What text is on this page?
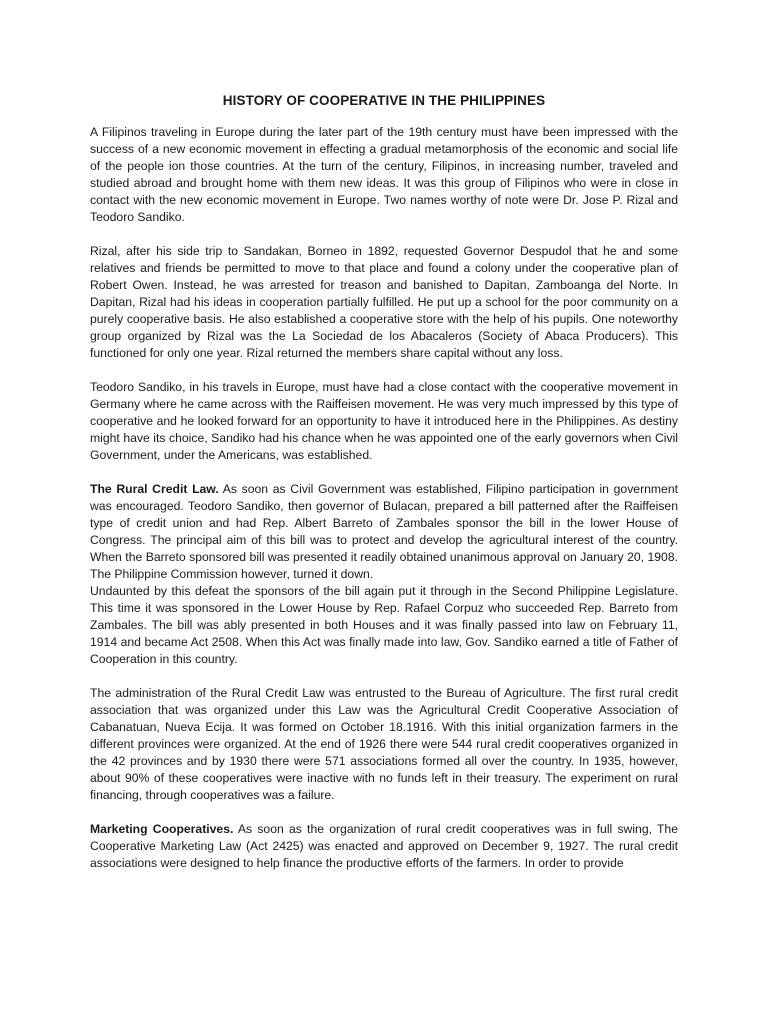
HISTORY OF COOPERATIVE IN THE PHILIPPINES

A Filipinos traveling in Europe during the later part of the 19th century must have been impressed with the success of a new economic movement in effecting a gradual metamorphosis of the economic and social life of the people ion those countries. At the turn of the century, Filipinos, in increasing number, traveled and studied abroad and brought home with them new ideas. It was this group of Filipinos who were in close in contact with the new economic movement in Europe. Two names worthy of note were Dr. Jose P. Rizal and Teodoro Sandiko.

Rizal, after his side trip to Sandakan, Borneo in 1892, requested Governor Despudol that he and some relatives and friends be permitted to move to that place and found a colony under the cooperative plan of Robert Owen. Instead, he was arrested for treason and banished to Dapitan, Zamboanga del Norte. In Dapitan, Rizal had his ideas in cooperation partially fulfilled. He put up a school for the poor community on a purely cooperative basis. He also established a cooperative store with the help of his pupils. One noteworthy group organized by Rizal was the La Sociedad de los Abacaleros (Society of Abaca Producers). This functioned for only one year. Rizal returned the members share capital without any loss.

Teodoro Sandiko, in his travels in Europe, must have had a close contact with the cooperative movement in Germany where he came across with the Raiffeisen movement. He was very much impressed by this type of cooperative and he looked forward for an opportunity to have it introduced here in the Philippines. As destiny might have its choice, Sandiko had his chance when he was appointed one of the early governors when Civil Government, under the Americans, was established.

The Rural Credit Law. As soon as Civil Government was established, Filipino participation in government was encouraged. Teodoro Sandiko, then governor of Bulacan, prepared a bill patterned after the Raiffeisen type of credit union and had Rep. Albert Barreto of Zambales sponsor the bill in the lower House of Congress. The principal aim of this bill was to protect and develop the agricultural interest of the country. When the Barreto sponsored bill was presented it readily obtained unanimous approval on January 20, 1908. The Philippine Commission however, turned it down.

Undaunted by this defeat the sponsors of the bill again put it through in the Second Philippine Legislature. This time it was sponsored in the Lower House by Rep. Rafael Corpuz who succeeded Rep. Barreto from Zambales. The bill was ably presented in both Houses and it was finally passed into law on February 11, 1914 and became Act 2508. When this Act was finally made into law, Gov. Sandiko earned a title of Father of Cooperation in this country.

The administration of the Rural Credit Law was entrusted to the Bureau of Agriculture. The first rural credit association that was organized under this Law was the Agricultural Credit Cooperative Association of Cabanatuan, Nueva Ecija. It was formed on October 18.1916. With this initial organization farmers in the different provinces were organized. At the end of 1926 there were 544 rural credit cooperatives organized in the 42 provinces and by 1930 there were 571 associations formed all over the country. In 1935, however, about 90% of these cooperatives were inactive with no funds left in their treasury. The experiment on rural financing, through cooperatives was a failure.

Marketing Cooperatives. As soon as the organization of rural credit cooperatives was in full swing, The Cooperative Marketing Law (Act 2425) was enacted and approved on December 9, 1927. The rural credit associations were designed to help finance the productive efforts of the farmers. In order to provide
